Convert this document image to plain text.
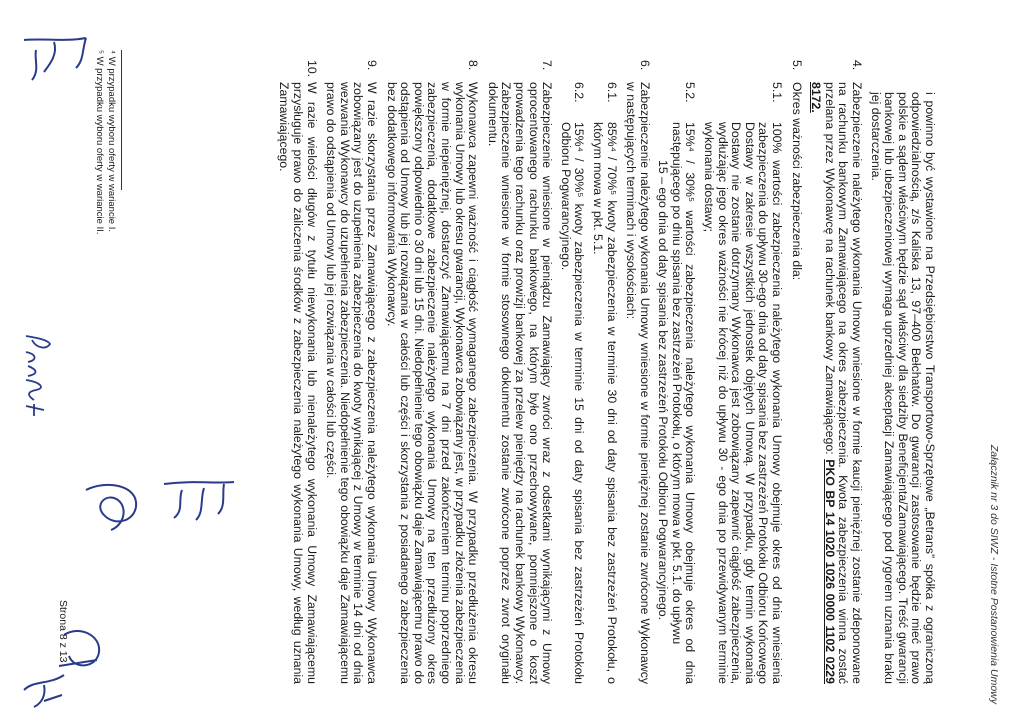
Załącznik nr 3 do SIWZ - Istotne Postanowienia Umowy

i powinno być wystawione na Przedsiębiorstwo Transportowo-Sprzętowe „Betrans” spółka z ograniczoną odpowiedzialnością, z/s Kaliska 13, 97–400 Bełchatów. Do gwarancji zastosowanie będzie mieć prawo polskie a sądem właściwym będzie sąd właściwy dla siedziby Beneficjenta/Zamawiającego. Treść gwarancji bankowej lub ubezpieczeniowej wymaga uprzedniej akceptacji Zamawiającego pod rygorem uznania braku jej dostarczenia.

4.
Zabezpieczenie należytego wykonania Umowy wniesione w formie kaucji pieniężnej zostanie zdeponowane na rachunku bankowym Zamawiającego na okres zabezpieczenia. Kwota zabezpieczenia winna zostać przelana przez Wykonawcę na rachunek bankowy Zamawiającego: PKO BP 14 1020 1026 0000 1102 0229 8172.
5.
Okres ważności zabezpieczenia dla:
5.1.
100% wartości zabezpieczenia należytego wykonania Umowy obejmuje okres od dnia wniesienia zabezpieczenia do upływu 30-ego dnia od daty spisania bez zastrzeżeń Protokołu Odbioru Końcowego Dostawy w zakresie wszystkich jednostek objętych Umową. W przypadku, gdy termin wykonania Dostawy nie zostanie dotrzymany Wykonawca jest zobowiązany zapewnić ciągłość zabezpieczenia, wydłużając jego okres ważności nie krócej niż do upływu 30 - ego dnia po przewidywanym terminie wykonania dostawy;
5.2.
15%⁴ / 30%⁵ wartości zabezpieczenia należytego wykonania Umowy obejmuje okres od dnia następującego po dniu spisania bez zastrzeżeń Protokołu, o którym mowa w pkt. 5.1. do upływu
15 – ego dnia od daty spisania bez zastrzeżeń Protokołu Odbioru Pogwarancyjnego.
6.
Zabezpieczenie należytego wykonania Umowy wniesione w formie pieniężnej zostanie zwrócone Wykonawcy w następujących terminach i wysokościach:
6.1.
85%⁴ / 70%⁵ kwoty zabezpieczenia w terminie 30 dni od daty spisania bez zastrzeżeń Protokołu, o którym mowa w pkt. 5.1.
6.2.
15%⁴ / 30%⁵ kwoty zabezpieczenia w terminie 15 dni od daty spisania bez zastrzeżeń Protokołu Odbioru Pogwarancyjnego.
7.
Zabezpieczenie wniesione w pieniądzu Zamawiający zwróci wraz z odsetkami wynikającymi z Umowy oprocentowanego rachunku bankowego, na którym było ono przechowywane, pomniejszone o koszt prowadzenia tego rachunku oraz prowizji bankowej za przelew pieniędzy na rachunek bankowy Wykonawcy. Zabezpieczenie wniesione w formie stosownego dokumentu zostanie zwrócone poprzez zwrot oryginału dokumentu.
8.
Wykonawca zapewni ważność i ciągłość wymaganego zabezpieczenia. W przypadku przedłużenia okresu wykonania Umowy lub okresu gwarancji, Wykonawca zobowiązany jest, w przypadku złożenia zabezpieczenia w formie niepieniężnej, dostarczyć Zamawiającemu na 7 dni przed zakończeniem terminu poprzedniego zabezpieczenia, dodatkowe zabezpieczenie należytego wykonania Umowy na ten przedłużony okres powiększony odpowiednio o 30 dni lub 15 dni. Niedopełnienie tego obowiązku daje Zamawiającemu prawo do odstąpienia od Umowy lub jej rozwiązania w całości lub części i skorzystania z posiadanego zabezpieczenia bez dodatkowego informowania Wykonawcy.
9.
W razie skorzystania przez Zamawiającego z zabezpieczenia należytego wykonania Umowy Wykonawca zobowiązany jest do uzupełnienia zabezpieczenia do kwoty wynikającej z Umowy w terminie 14 dni od dnia wezwania Wykonawcy do uzupełnienia zabezpieczenia. Niedopełnienie tego obowiązku daje Zamawiającemu prawo do odstąpienia od Umowy lub jej rozwiązania w całości lub części.
10.
W razie wielości długów z tytułu niewykonania lub nienależytego wykonania Umowy Zamawiającemu przysługuje prawo do zaliczenia środków z zabezpieczenia należytego wykonania Umowy, według uznania Zamawiającego.
⁴ W przypadku wyboru oferty w wariancie I.
⁵ W przypadku wyboru oferty w wariancie II.
Strona 8 z 13
